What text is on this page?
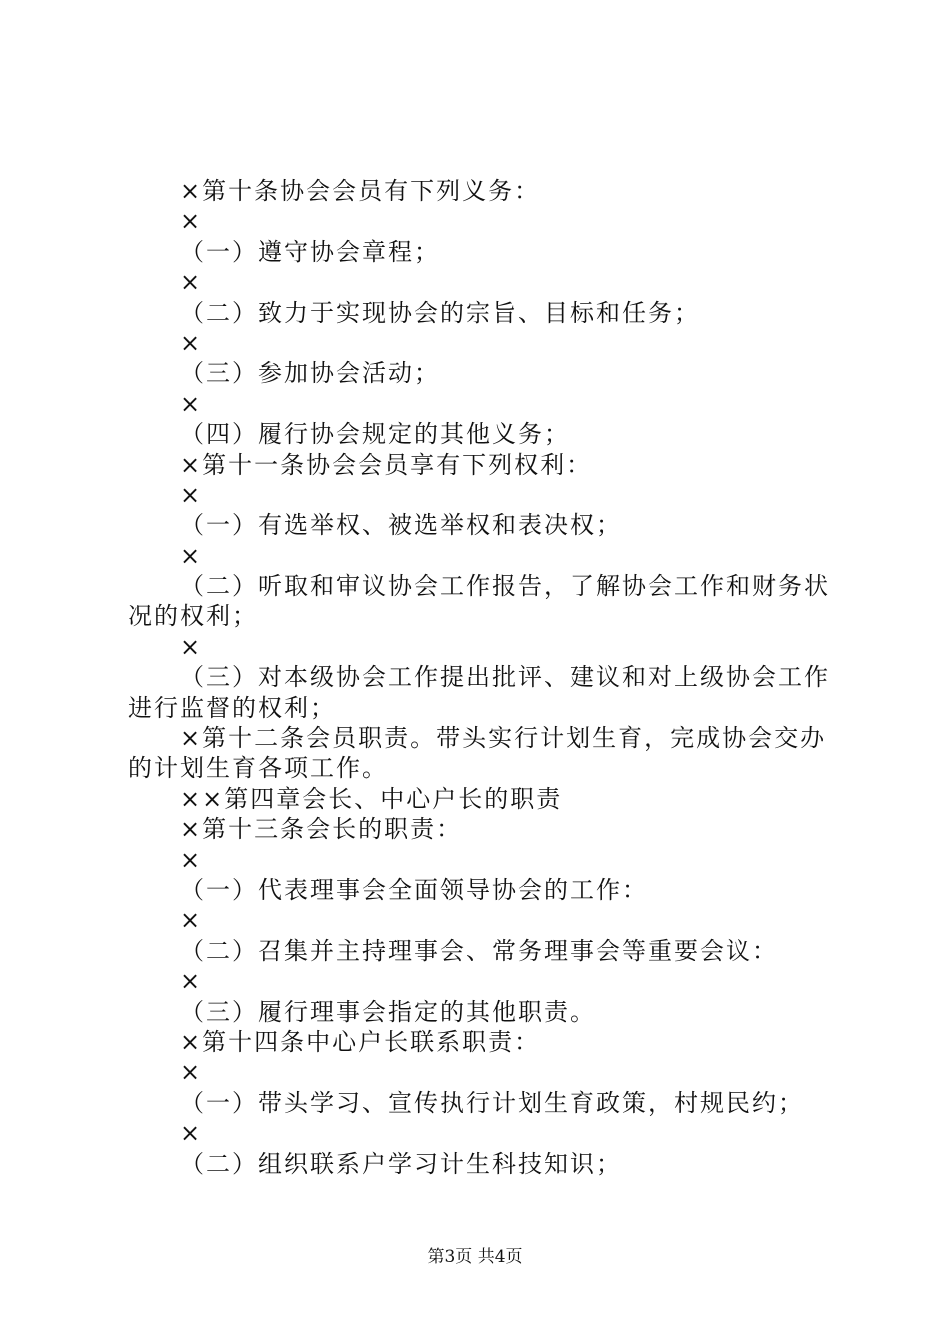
×第十条协会会员有下列义务：
×
（一）遵守协会章程；
×
（二）致力于实现协会的宗旨、目标和任务；
×
（三）参加协会活动；
×
（四）履行协会规定的其他义务；
×第十一条协会会员享有下列权利：
×
（一）有选举权、被选举权和表决权；
×
（二）听取和审议协会工作报告，了解协会工作和财务状
况的权利；
×
（三）对本级协会工作提出批评、建议和对上级协会工作
进行监督的权利；
×第十二条会员职责。带头实行计划生育，完成协会交办
的计划生育各项工作。
××第四章会长、中心户长的职责
×第十三条会长的职责：
×
（一）代表理事会全面领导协会的工作：
×
（二）召集并主持理事会、常务理事会等重要会议：
×
（三）履行理事会指定的其他职责。
×第十四条中心户长联系职责：
×
（一）带头学习、宣传执行计划生育政策，村规民约；
×
（二）组织联系户学习计生科技知识；
第3页 共4页
